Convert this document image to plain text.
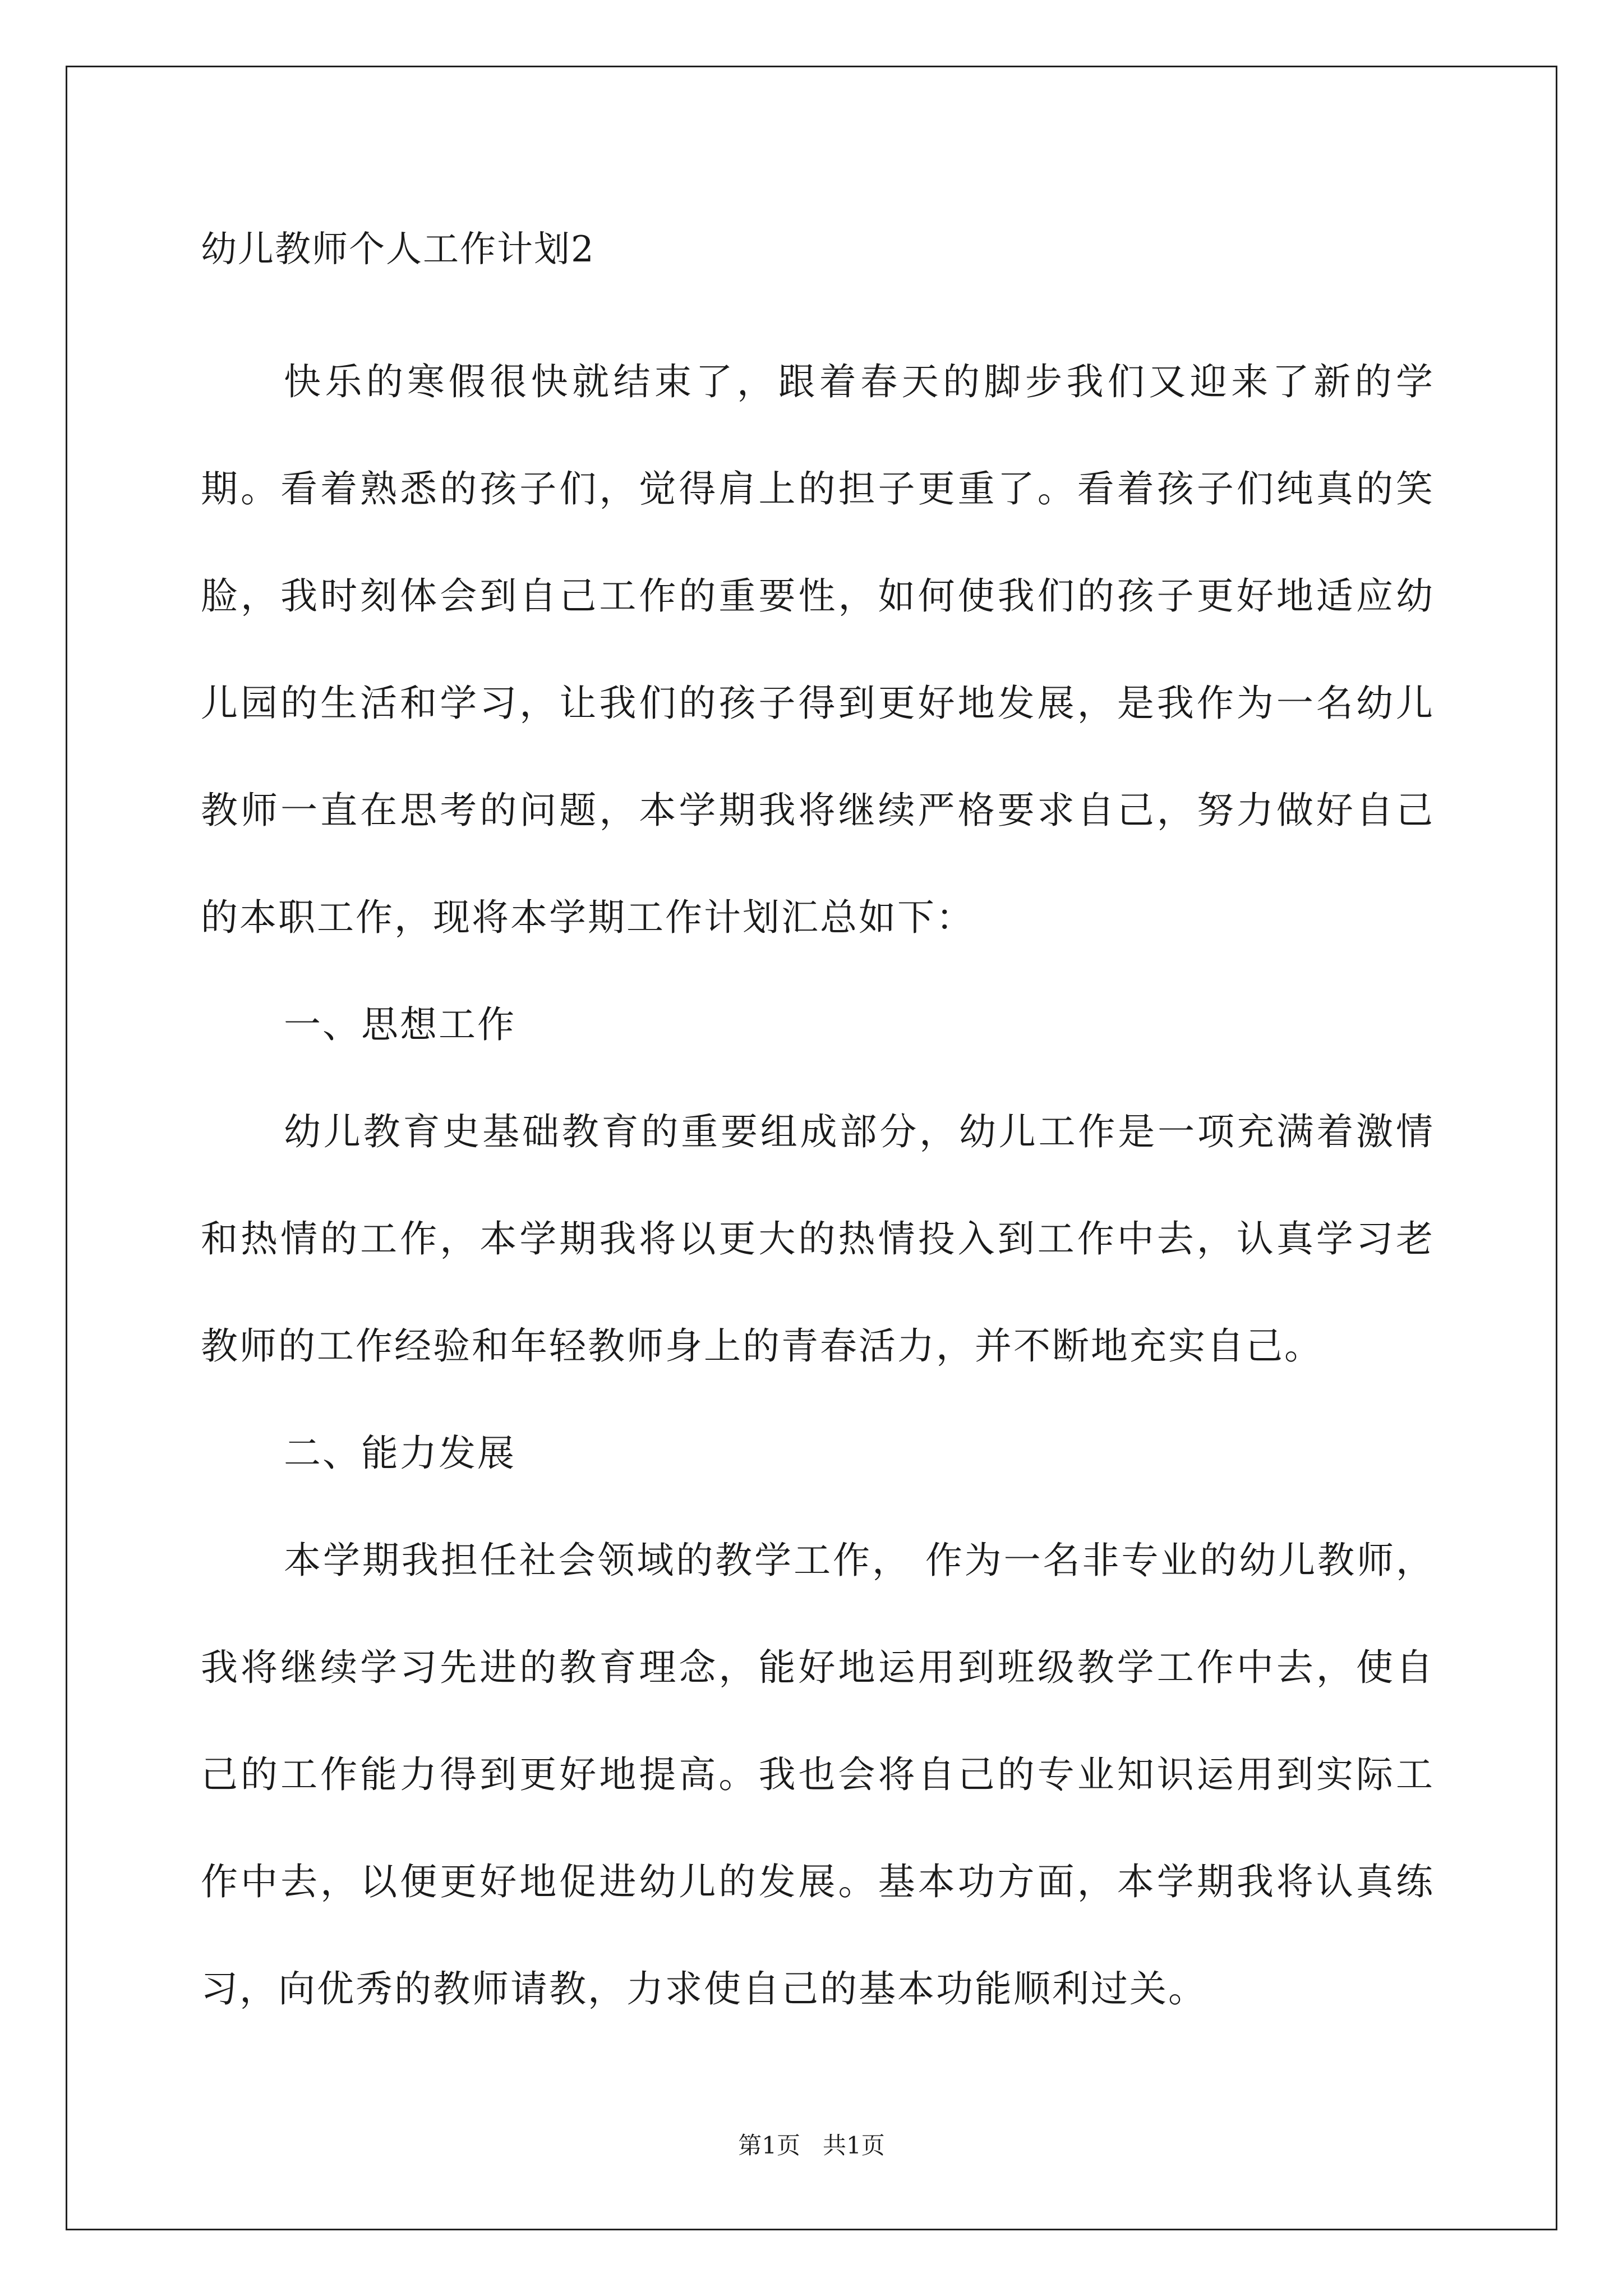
幼儿教师个人工作计划2

快乐的寒假很快就结束了，跟着春天的脚步我们又迎来了新的学期。看着熟悉的孩子们，觉得肩上的担子更重了。看着孩子们纯真的笑脸，我时刻体会到自己工作的重要性，如何使我们的孩子更好地适应幼儿园的生活和学习，让我们的孩子得到更好地发展，是我作为一名幼儿教师一直在思考的问题，本学期我将继续严格要求自己，努力做好自己的本职工作，现将本学期工作计划汇总如下：

一、思想工作

幼儿教育史基础教育的重要组成部分，幼儿工作是一项充满着激情和热情的工作，本学期我将以更大的热情投入到工作中去，认真学习老教师的工作经验和年轻教师身上的青春活力，并不断地充实自己。

二、能力发展

本学期我担任社会领域的教学工作， 作为一名非专业的幼儿教师，我将继续学习先进的教育理念，能好地运用到班级教学工作中去，使自己的工作能力得到更好地提高。我也会将自己的专业知识运用到实际工作中去，以便更好地促进幼儿的发展。基本功方面，本学期我将认真练习，向优秀的教师请教，力求使自己的基本功能顺利过关。

第1页   共1页
